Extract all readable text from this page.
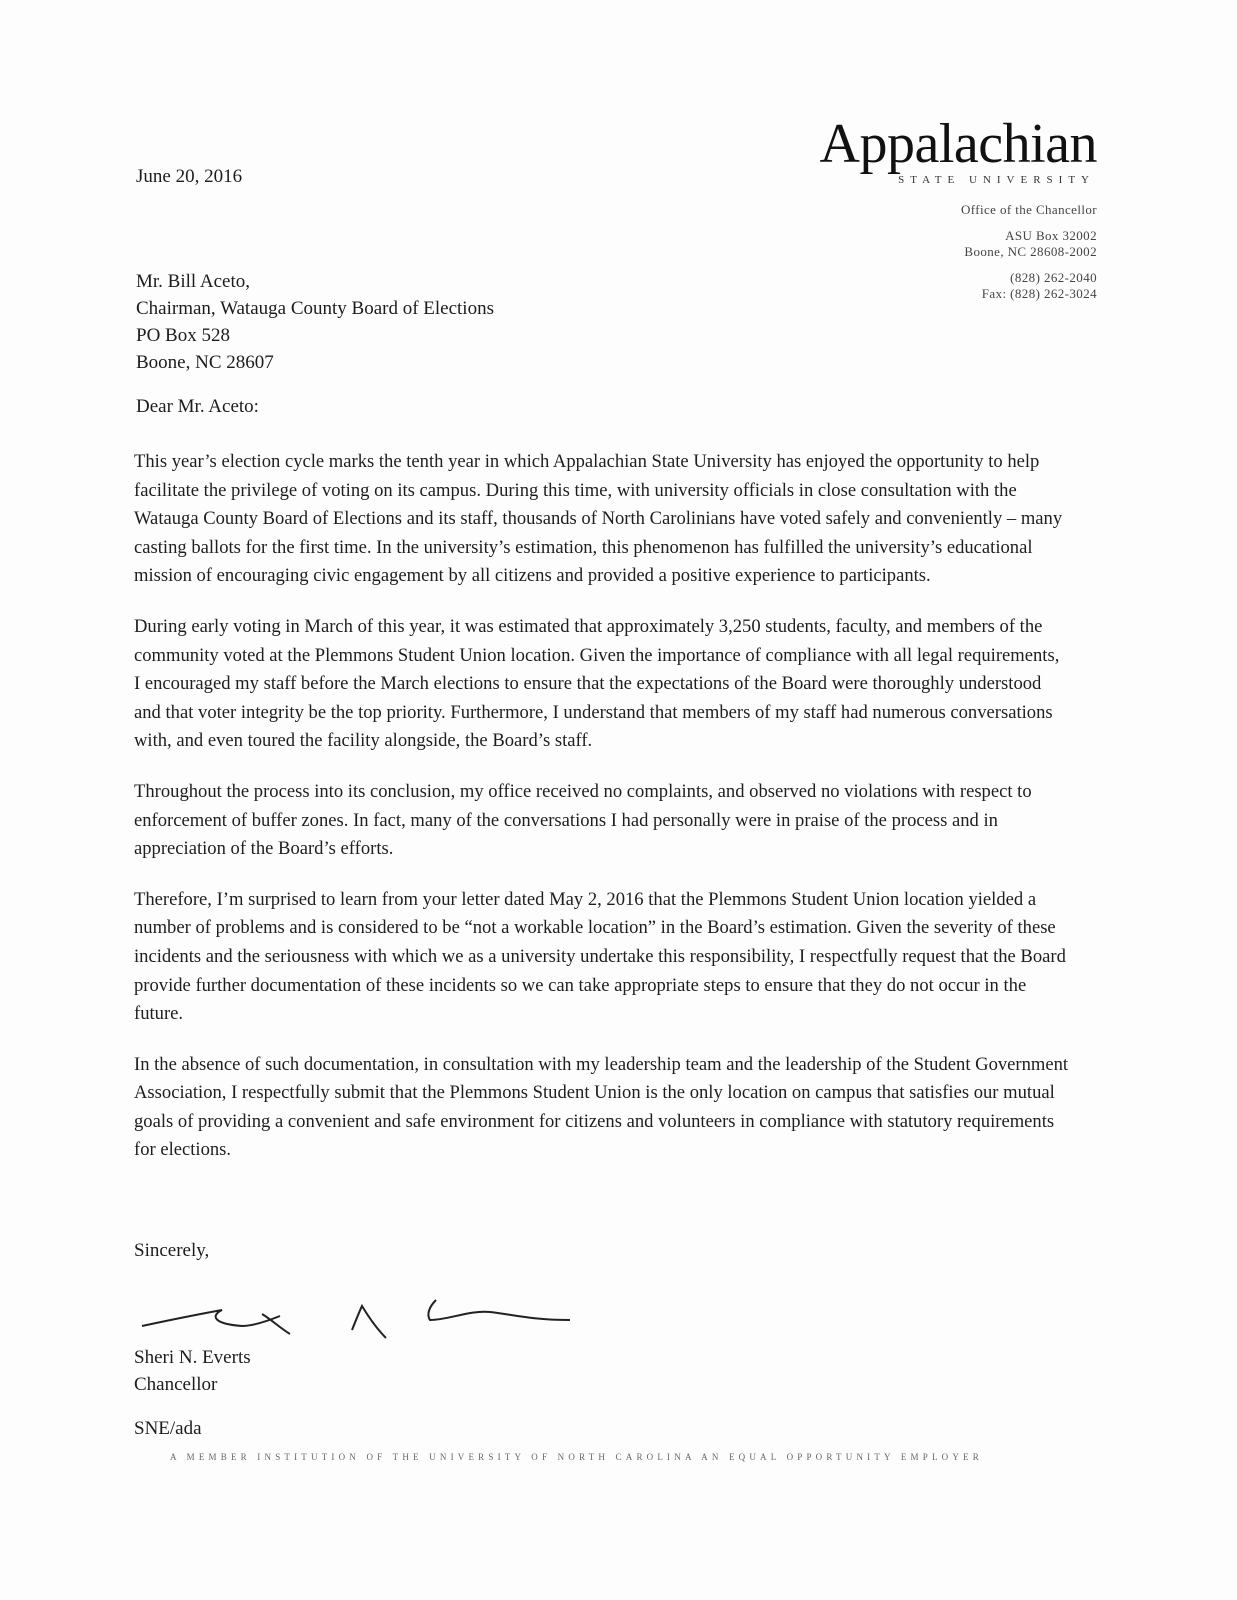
Appalachian
STATE UNIVERSITY
Office of the Chancellor
ASU Box 32002
Boone, NC 28608-2002
(828) 262-2040
Fax: (828) 262-3024
June 20, 2016
Mr. Bill Aceto,
Chairman, Watauga County Board of Elections
PO Box 528
Boone, NC 28607
Dear Mr. Aceto:

This year’s election cycle marks the tenth year in which Appalachian State University has enjoyed the opportunity to help facilitate the privilege of voting on its campus. During this time, with university officials in close consultation with the Watauga County Board of Elections and its staff, thousands of North Carolinians have voted safely and conveniently – many casting ballots for the first time. In the university’s estimation, this phenomenon has fulfilled the university’s educational mission of encouraging civic engagement by all citizens and provided a positive experience to participants.

During early voting in March of this year, it was estimated that approximately 3,250 students, faculty, and members of the community voted at the Plemmons Student Union location. Given the importance of compliance with all legal requirements, I encouraged my staff before the March elections to ensure that the expectations of the Board were thoroughly understood and that voter integrity be the top priority. Furthermore, I understand that members of my staff had numerous conversations with, and even toured the facility alongside, the Board’s staff.

Throughout the process into its conclusion, my office received no complaints, and observed no violations with respect to enforcement of buffer zones. In fact, many of the conversations I had personally were in praise of the process and in appreciation of the Board’s efforts.

Therefore, I’m surprised to learn from your letter dated May 2, 2016 that the Plemmons Student Union location yielded a number of problems and is considered to be “not a workable location” in the Board’s estimation. Given the severity of these incidents and the seriousness with which we as a university undertake this responsibility, I respectfully request that the Board provide further documentation of these incidents so we can take appropriate steps to ensure that they do not occur in the future.

In the absence of such documentation, in consultation with my leadership team and the leadership of the Student Government Association, I respectfully submit that the Plemmons Student Union is the only location on campus that satisfies our mutual goals of providing a convenient and safe environment for citizens and volunteers in compliance with statutory requirements for elections.

Sincerely,
Sheri N. Everts
Chancellor
SNE/ada
A MEMBER INSTITUTION OF THE UNIVERSITY OF NORTH CAROLINA AN EQUAL OPPORTUNITY EMPLOYER
